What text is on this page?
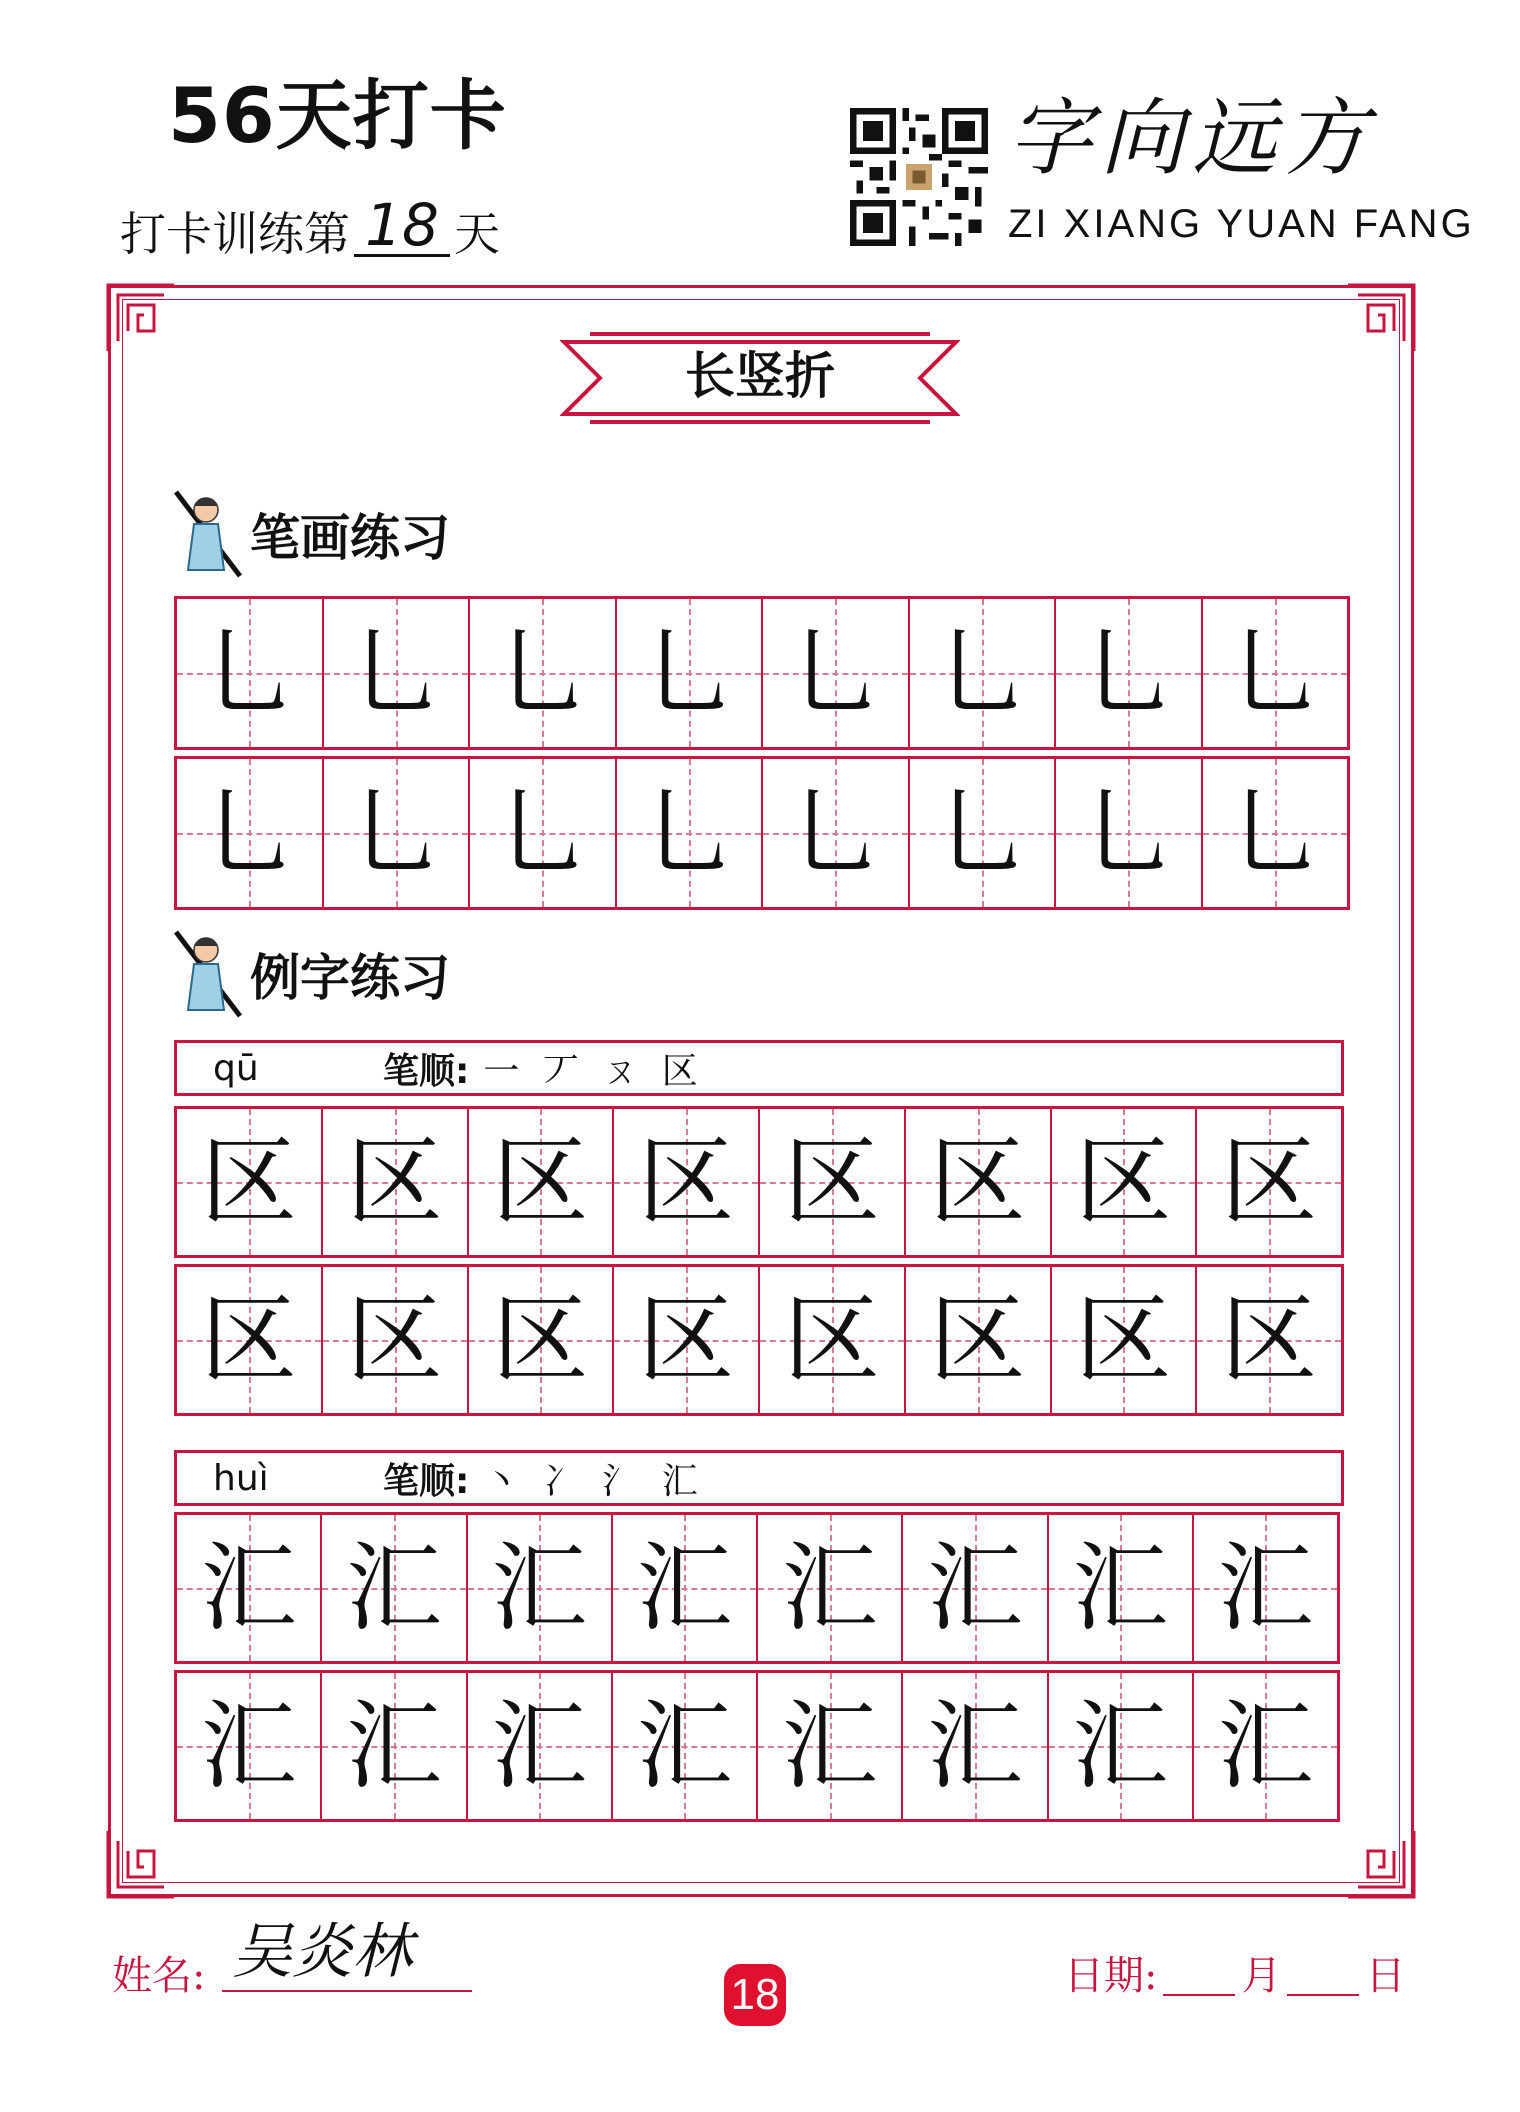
56天打卡
打卡训练第 18 天
字向远方
ZI XIANG YUAN FANG
长竖折
笔画练习
乚 乚 乚 乚 乚 乚 乚 乚
乚 乚 乚 乚 乚 乚 乚 乚
例字练习
qū	笔顺: 一 丆 ㄡ 区
区 区 区 区 区 区 区 区
区 区 区 区 区 区 区 区
huì	笔顺: 丶 冫 氵 汇
汇 汇 汇 汇 汇 汇 汇 汇
汇 汇 汇 汇 汇 汇 汇 汇
姓名: 吴炎林
18	日期: 月 日
